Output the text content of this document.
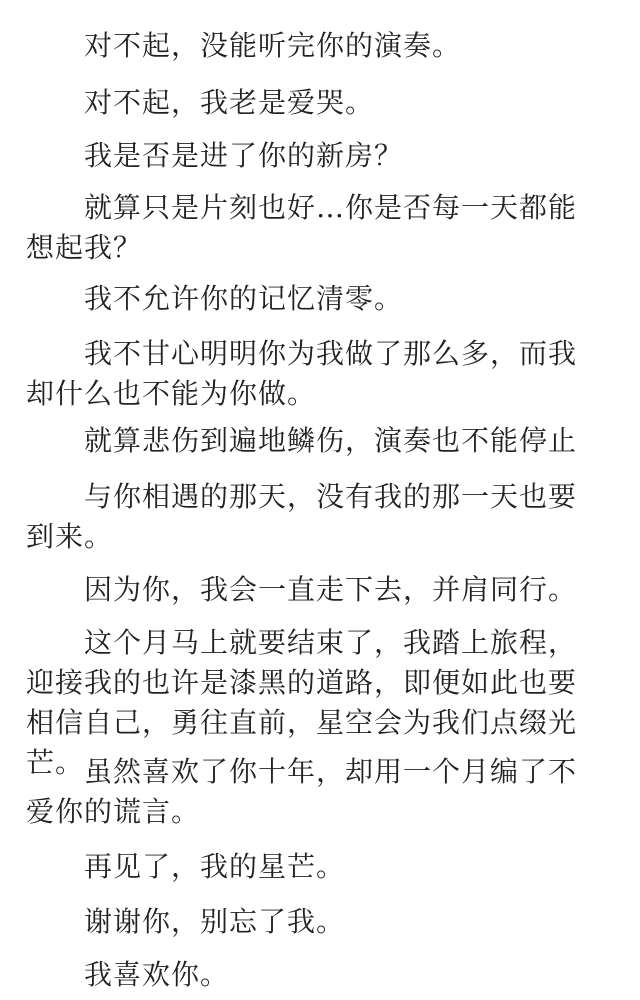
对不起，没能听完你的演奏。

对不起，我老是爱哭。

我是否是进了你的新房？

就算只是片刻也好…你是否每一天都能想起我？

我不允许你的记忆清零。

我不甘心明明你为我做了那么多，而我却什么也不能为你做。

就算悲伤到遍地鳞伤，演奏也不能停止

与你相遇的那天，没有我的那一天也要到来。

因为你，我会一直走下去，并肩同行。

这个月马上就要结束了，我踏上旅程，迎接我的也许是漆黑的道路，即便如此也要相信自己，勇往直前，星空会为我们点缀光芒。 虽然喜欢了你十年，却用一个月编了不爱你的谎言。

再见了，我的星芒。

谢谢你，别忘了我。

我喜欢你。
